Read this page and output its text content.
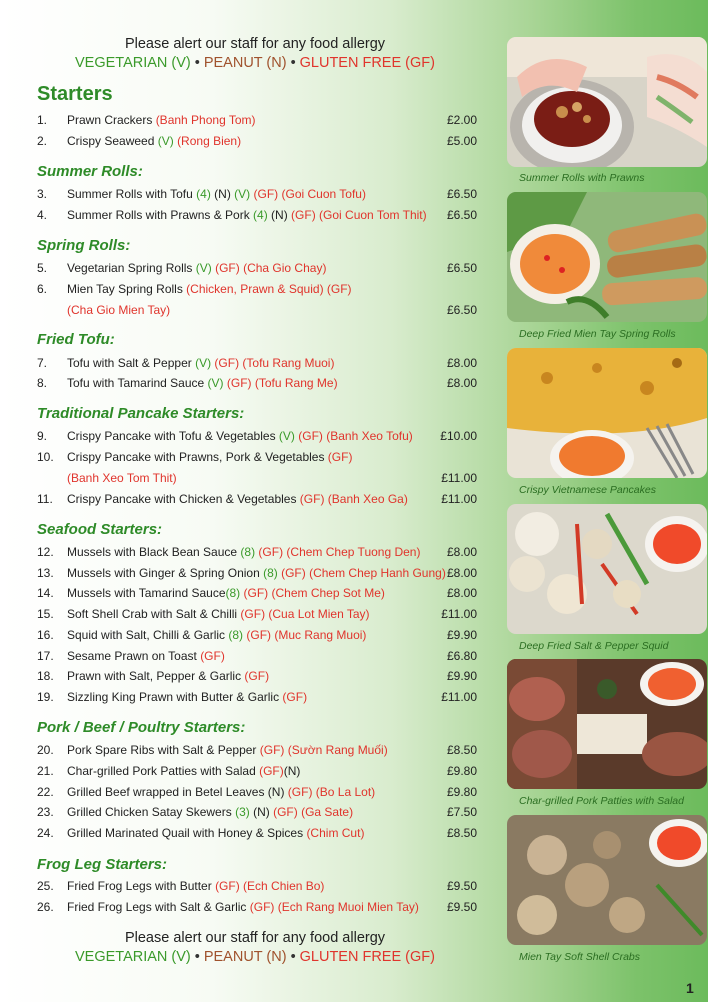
Please alert our staff for any food allergy
VEGETARIAN (V) • PEANUT (N) • GLUTEN FREE (GF)
Starters
1.	Prawn Crackers (Banh Phong Tom)	£2.00
2.	Crispy Seaweed (V) (Rong Bien)	£5.00
Summer Rolls:
3.	Summer Rolls with Tofu (4) (N) (V) (GF) (Goi Cuon Tofu)	£6.50
4.	Summer Rolls with Prawns & Pork (4) (N) (GF) (Goi Cuon Tom Thit) £6.50
Spring Rolls:
5.	Vegetarian Spring Rolls (V) (GF) (Cha Gio Chay)	£6.50
6.	Mien Tay Spring Rolls (Chicken, Prawn & Squid) (GF)
(Cha Gio Mien Tay)	£6.50
Fried Tofu:
7.	Tofu with Salt & Pepper (V) (GF) (Tofu Rang Muoi)	£8.00
8.	Tofu with Tamarind Sauce (V) (GF) (Tofu Rang Me)	£8.00
Traditional Pancake Starters:
9.	Crispy Pancake with Tofu & Vegetables (V) (GF) (Banh Xeo Tofu) £10.00
10.	Crispy Pancake with Prawns, Pork & Vegetables (GF)
(Banh Xeo Tom Thit)	£11.00
11.	Crispy Pancake with Chicken & Vegetables (GF) (Banh Xeo Ga)	£11.00
Seafood Starters:
12.	Mussels with Black Bean Sauce (8) (GF) (Chem Chep Tuong Den) £8.00
13.	Mussels with Ginger & Spring Onion (8) (GF) (Chem Chep Hanh Gung) £8.00
14.	Mussels with Tamarind Sauce(8) (GF) (Chem Chep Sot Me)	£8.00
15.	Soft Shell Crab with Salt & Chilli (GF) (Cua Lot Mien Tay)	£11.00
16.	Squid with Salt, Chilli & Garlic (8) (GF) (Muc Rang Muoi)	£9.90
17.	Sesame Prawn on Toast (GF)	£6.80
18.	Prawn with Salt, Pepper & Garlic (GF)	£9.90
19.	Sizzling King Prawn with Butter & Garlic (GF)	£11.00
Pork / Beef / Poultry Starters:
20.	Pork Spare Ribs with Salt & Pepper (GF) (Sườn Rang Muối)	£8.50
21.	Char-grilled Pork Patties with Salad (GF)(N)	£9.80
22.	Grilled Beef wrapped in Betel Leaves (N) (GF) (Bo La Lot)	£9.80
23.	Grilled Chicken Satay Skewers (3) (N) (GF) (Ga Sate)	£7.50
24.	Grilled Marinated Quail with Honey & Spices (Chim Cut)	£8.50
Frog Leg Starters:
25.	Fried Frog Legs with Butter (GF) (Ech Chien Bo)	£9.50
26.	Fried Frog Legs with Salt & Garlic (GF) (Ech Rang Muoi Mien Tay) £9.50
Please alert our staff for any food allergy
VEGETARIAN (V) • PEANUT (N) • GLUTEN FREE (GF)
Summer Rolls with Prawns
Deep Fried Mien Tay Spring Rolls
Crispy Vietnamese Pancakes
Deep Fried Salt & Pepper Squid
Char-grilled Pork Patties with Salad
Mien Tay Soft Shell Crabs
1
